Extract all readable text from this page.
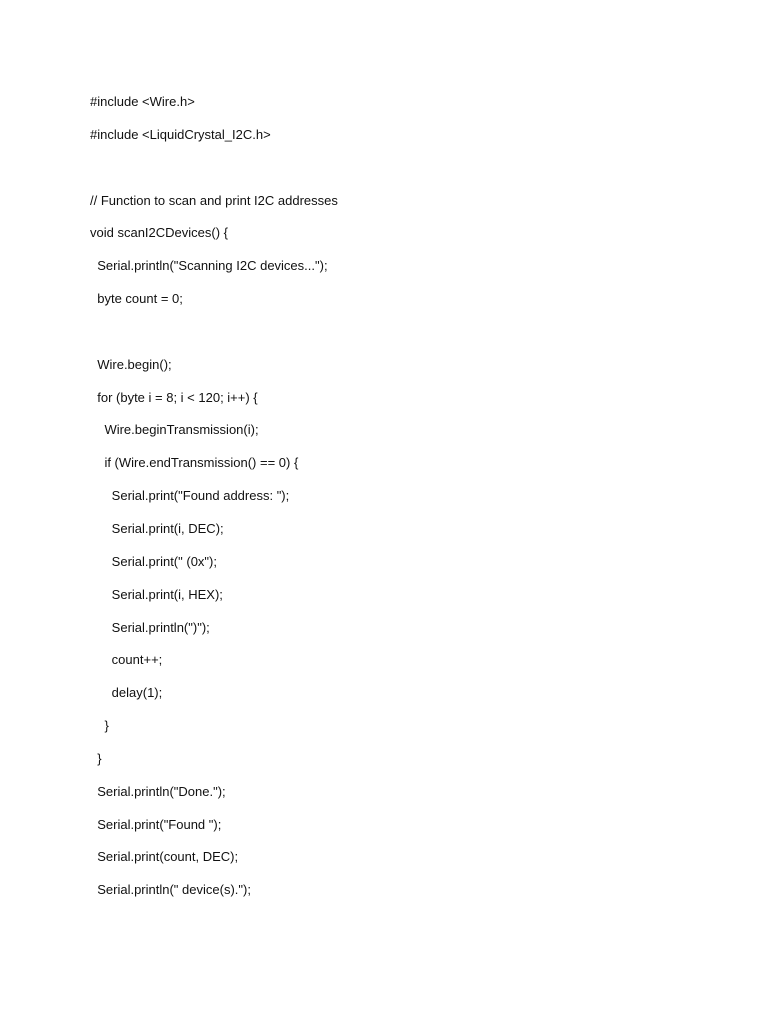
#include <Wire.h>
#include <LiquidCrystal_I2C.h>
// Function to scan and print I2C addresses
void scanI2CDevices() {
Serial.println("Scanning I2C devices...");
byte count = 0;
Wire.begin();
for (byte i = 8; i < 120; i++) {
Wire.beginTransmission(i);
if (Wire.endTransmission() == 0) {
Serial.print("Found address: ");
Serial.print(i, DEC);
Serial.print(" (0x");
Serial.print(i, HEX);
Serial.println(")");
count++;
delay(1);
}
}
Serial.println("Done.");
Serial.print("Found ");
Serial.print(count, DEC);
Serial.println(" device(s).");
